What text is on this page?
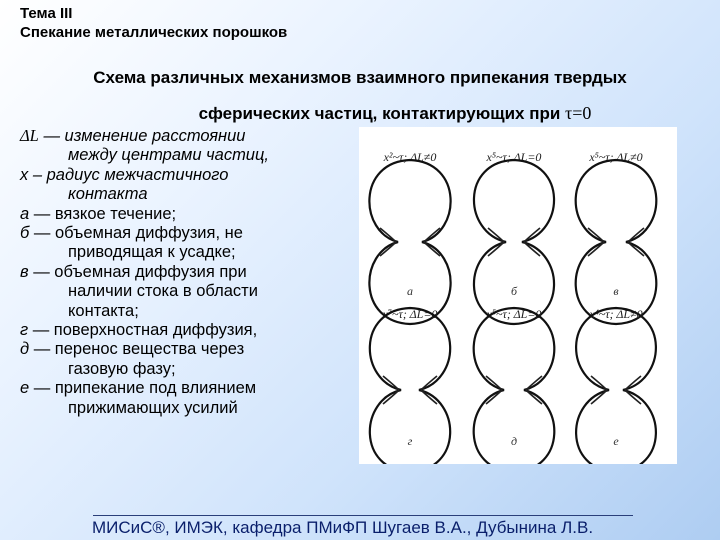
Тема III
Спекание металлических порошков
Схема различных механизмов взаимного припекания твердых
сферических частиц, контактирующих при τ=0
ΔL — изменение расстоянии
между центрами частиц,
x – радиус межчастичного
контакта
а — вязкое течение;
б — объемная диффузия, не
приводящая к усадке;
в — объемная диффузия при
наличии стока в области
контакта;
г — поверхностная диффузия,
д — перенос вещества через
газовую фазу;
е — припекание под влиянием
прижимающих усилий
x²~τ; ΔL≠0
а
x⁵~τ; ΔL=0
б
x⁵~τ; ΔL≠0
в
x⁷~τ; ΔL=0
г
x⁵~τ; ΔL=0
д
x⁴~τ; ΔL≠0
е
МИСиС®, ИМЭК, кафедра ПМиФП Шугаев В.А., Дубынина Л.В.
